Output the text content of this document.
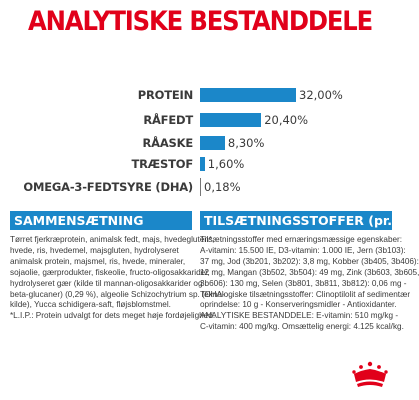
ANALYTISKE BESTANDDELE
PROTEIN	32,00%
RÅFEDT	20,40%
RÅASKE	8,30%
TRÆSTOF 1,60%
OMEGA-3-FEDTSYRE (DHA) 0,18%
SAMMENSÆTNING
Tørret fjerkræprotein, animalsk fedt, majs, hvedegluten*,
hvede, ris, hvedemel, majsgluten, hydrolyseret
animalsk protein, majsmel, ris, hvede, mineraler,
sojaolie, gærprodukter, fiskeolie, fructo-oligosakkarider,
hydrolyseret gær (kilde til mannan-oligosakkarider og
beta-glucaner) (0,29 %), algeolie Schizochytrium sp. (DHA-
kilde), Yucca schidigera-saft, fløjsblomstmel.
*L.I.P.: Protein udvalgt for dets meget høje fordøjelighed.
TILSÆTNINGSSTOFFER (pr. kg)
Tilsætningsstoffer med ernæringsmæssige egenskaber:
A-vitamin: 15.500 IE, D3-vitamin: 1.000 IE, Jern (3b103):
37 mg, Jod (3b201, 3b202): 3,8 mg, Kobber (3b405, 3b406):
12 mg, Mangan (3b502, 3b504): 49 mg, Zink (3b603, 3b605,
3b606): 130 mg, Selen (3b801, 3b811, 3b812): 0,06 mg -
Teknologiske tilsætningsstoffer: Clinoptilolit af sedimentær
oprindelse: 10 g - Konserveringsmidler - Antioxidanter.
ANALYTISKE BESTANDDELE: E-vitamin: 510 mg/kg -
C-vitamin: 400 mg/kg. Omsættelig energi: 4.125 kcal/kg.
